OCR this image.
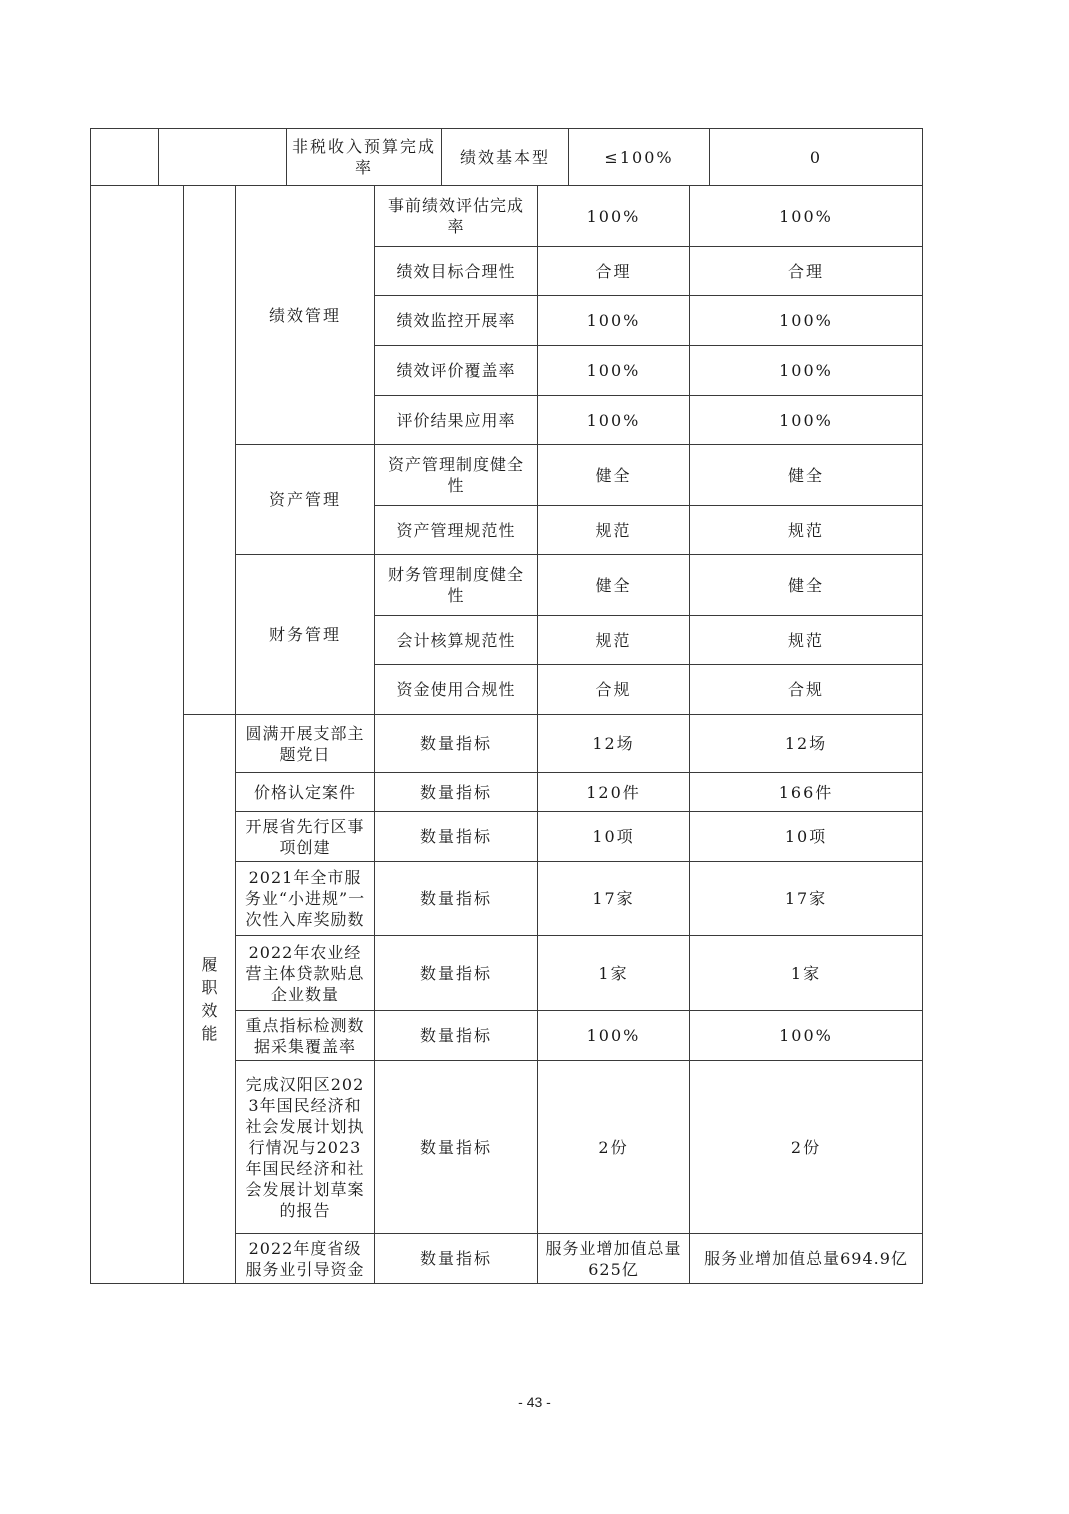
		非税收入预算完成率	绩效基本型	≤100%	0
		绩效管理	事前绩效评估完成率	100%	100%
			绩效目标合理性	合理	合理
			绩效监控开展率	100%	100%
			绩效评价覆盖率	100%	100%
			评价结果应用率	100%	100%
		资产管理	资产管理制度健全性	健全	健全
			资产管理规范性	规范	规范
		财务管理	财务管理制度健全性	健全	健全
			会计核算规范性	规范	规范
			资金使用合规性	合规	合规
	履职效能	圆满开展支部主题党日	数量指标	12场	12场
		价格认定案件	数量指标	120件	166件
		开展省先行区事项创建	数量指标	10项	10项
		2021年全市服务业“小进规”一次性入库奖励数	数量指标	17家	17家
		2022年农业经营主体贷款贴息企业数量	数量指标	1家	1家
		重点指标检测数据采集覆盖率	数量指标	100%	100%
		完成汉阳区2023年国民经济和社会发展计划执行情况与2023年国民经济和社会发展计划草案的报告	数量指标	2份	2份
		2022年度省级服务业引导资金	数量指标	服务业增加值总量625亿	服务业增加值总量694.9亿
- 43 -
